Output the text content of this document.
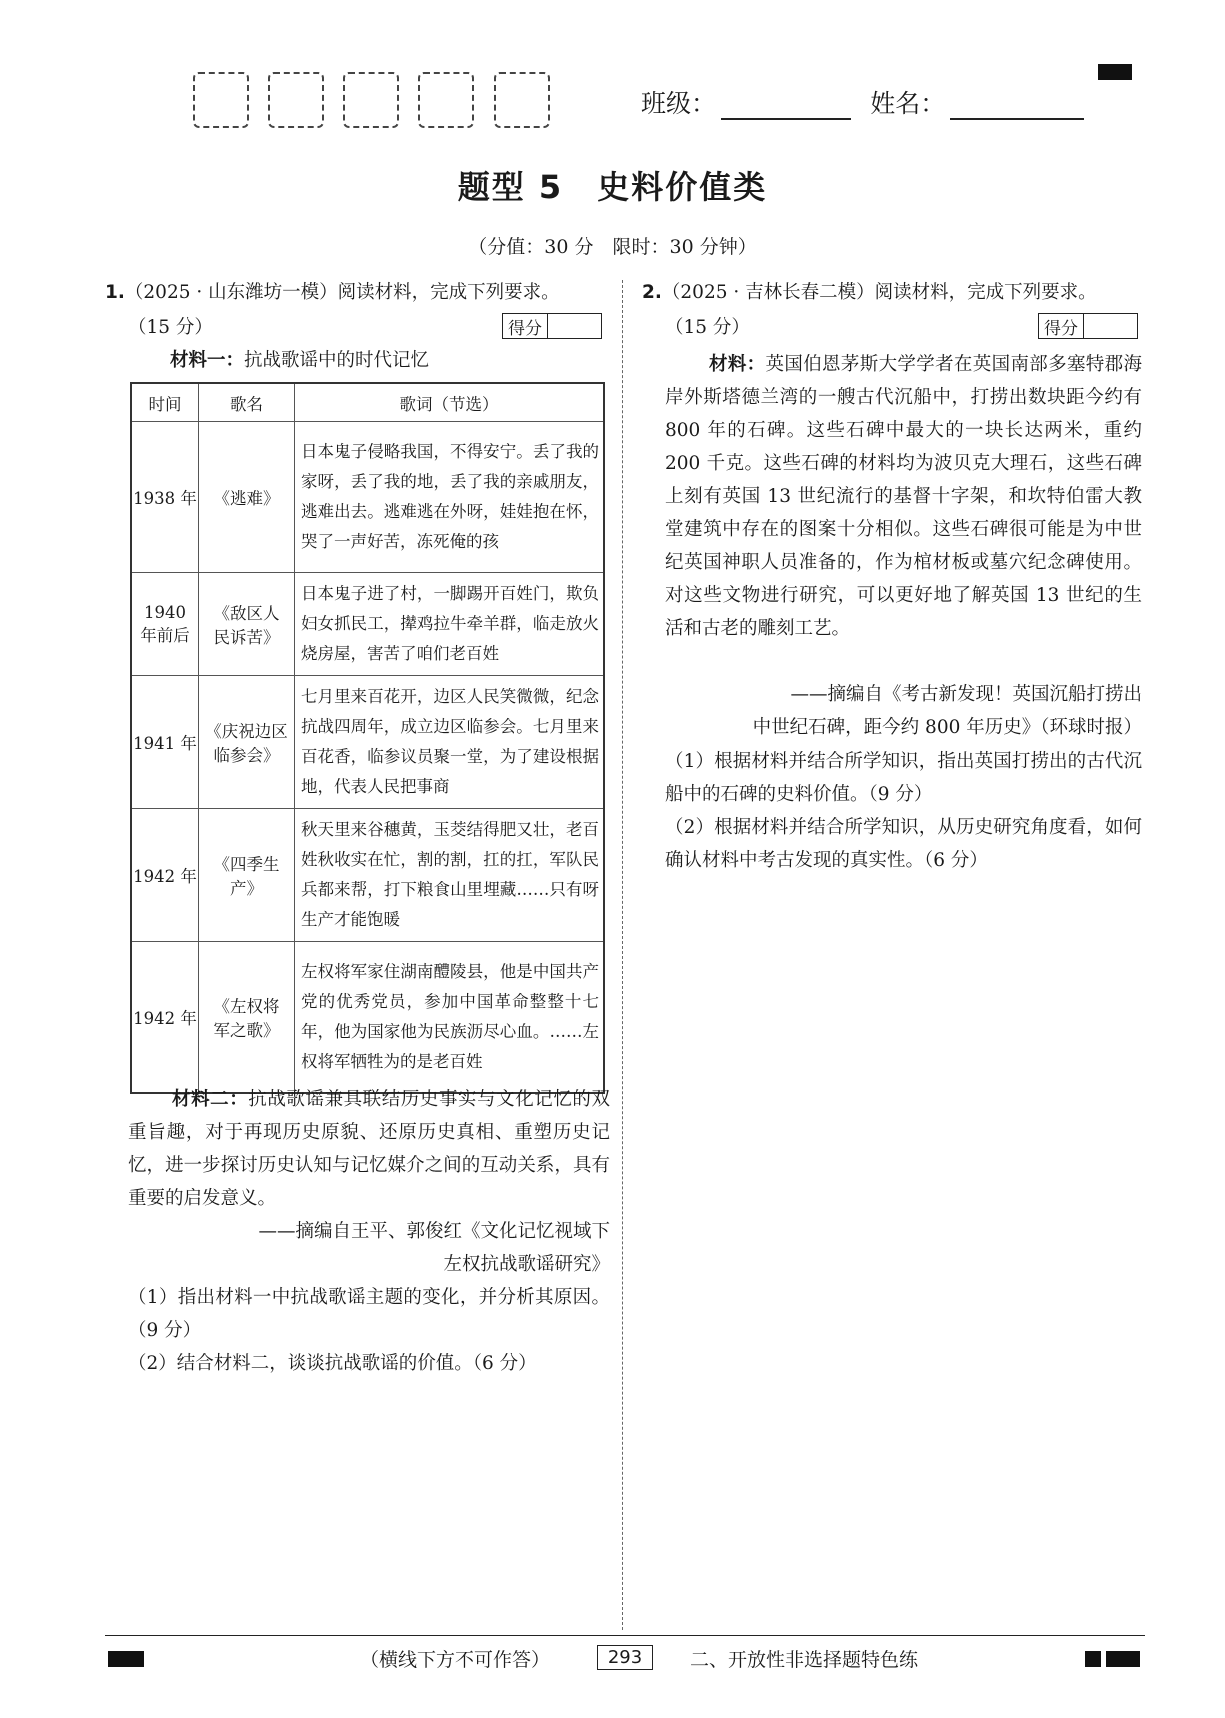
班级：	姓名：
题型 5　史料价值类
（分值：30 分　限时：30 分钟）
1.（2025 · 山东潍坊一模）阅读材料，完成下列要求。
（15 分）	得分
材料一：抗战歌谣中的时代记忆
时间	歌名	歌词（节选）
1938 年	《逃难》	日本鬼子侵略我国，不得安宁。丢了我的家呀，丢了我的地，丢了我的亲戚朋友，逃难出去。逃难逃在外呀，娃娃抱在怀，哭了一声好苦，冻死俺的孩
1940 年前后	《敌区人民诉苦》	日本鬼子进了村，一脚踢开百姓门，欺负妇女抓民工，撵鸡拉牛牵羊群，临走放火烧房屋，害苦了咱们老百姓
1941 年	《庆祝边区临参会》	七月里来百花开，边区人民笑微微，纪念抗战四周年，成立边区临参会。七月里来百花香，临参议员聚一堂，为了建设根据地，代表人民把事商
1942 年	《四季生产》	秋天里来谷穗黄，玉茭结得肥又壮，老百姓秋收实在忙，割的割，扛的扛，军队民兵都来帮，打下粮食山里埋藏……只有呀生产才能饱暖
1942 年	《左权将军之歌》	左权将军家住湖南醴陵县，他是中国共产党的优秀党员，参加中国革命整整十七年，他为国家他为民族沥尽心血。……左权将军牺牲为的是老百姓
材料二：抗战歌谣兼具联结历史事实与文化记忆的双重旨趣，对于再现历史原貌、还原历史真相、重塑历史记忆，进一步探讨历史认知与记忆媒介之间的互动关系，具有重要的启发意义。
——摘编自王平、郭俊红《文化记忆视域下
左权抗战歌谣研究》
（1）指出材料一中抗战歌谣主题的变化，并分析其原因。（9 分）
（2）结合材料二，谈谈抗战歌谣的价值。（6 分）
2.（2025 · 吉林长春二模）阅读材料，完成下列要求。
（15 分）	得分
材料：英国伯恩茅斯大学学者在英国南部多塞特郡海岸外斯塔德兰湾的一艘古代沉船中，打捞出数块距今约有 800 年的石碑。这些石碑中最大的一块长达两米，重约 200 千克。这些石碑的材料均为波贝克大理石，这些石碑上刻有英国 13 世纪流行的基督十字架，和坎特伯雷大教堂建筑中存在的图案十分相似。这些石碑很可能是为中世纪英国神职人员准备的，作为棺材板或墓穴纪念碑使用。对这些文物进行研究，可以更好地了解英国 13 世纪的生活和古老的雕刻工艺。
——摘编自《考古新发现！英国沉船打捞出
中世纪石碑，距今约 800 年历史》（环球时报）
（1）根据材料并结合所学知识，指出英国打捞出的古代沉船中的石碑的史料价值。（9 分）
（2）根据材料并结合所学知识，从历史研究角度看，如何确认材料中考古发现的真实性。（6 分）
（横线下方不可作答）	293	二、开放性非选择题特色练
